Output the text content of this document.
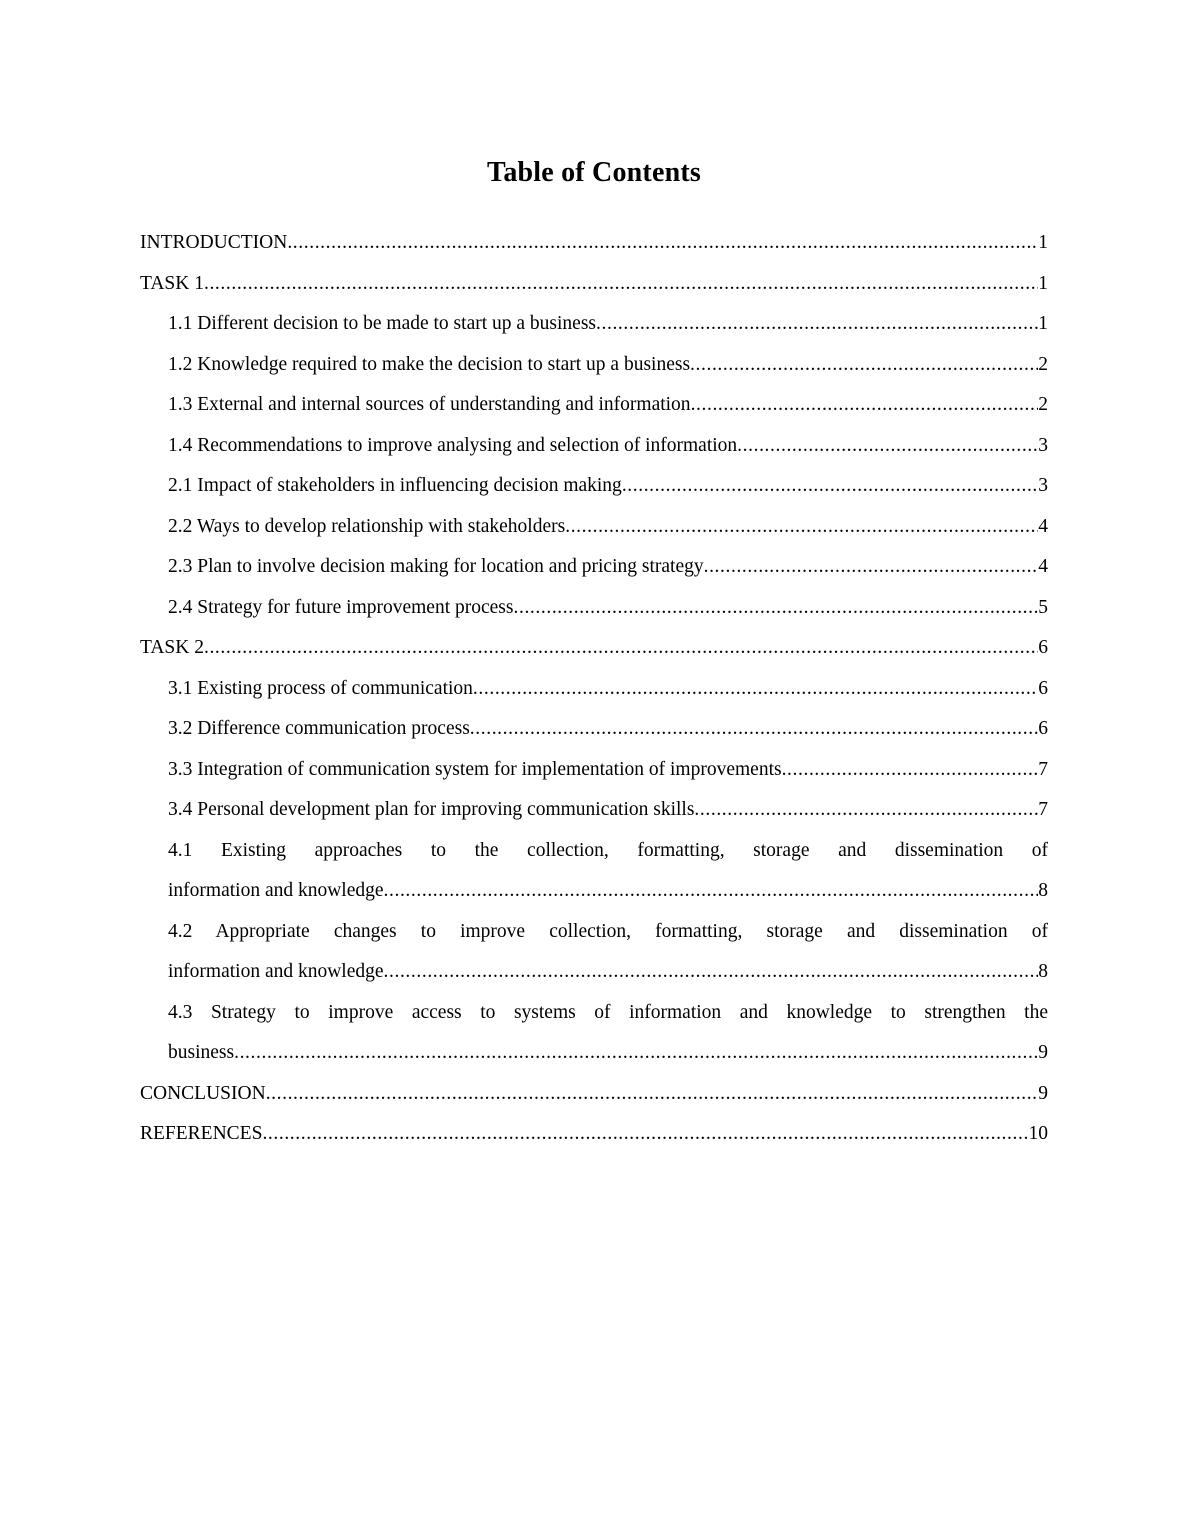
Table of Contents
INTRODUCTION .....	1
TASK 1 .....	1
1.1 Different decision to be made to start up a business .....	1
1.2 Knowledge required to make the decision to start up a business .....	2
1.3 External and internal sources of understanding and information .....	2
1.4 Recommendations to improve analysing and selection of information .....	3
2.1 Impact of stakeholders in influencing decision making .....	3
2.2 Ways to develop relationship with stakeholders .....	4
2.3 Plan to involve decision making for location and pricing strategy .....	4
2.4 Strategy for future improvement process .....	5
TASK 2 .....	6
3.1 Existing process of communication .....	6
3.2 Difference communication process .....	6
3.3 Integration of communication system for implementation of improvements .....	7
3.4 Personal development plan for improving communication skills .....	7
4.1 Existing approaches to the collection, formatting, storage and dissemination of
information and knowledge .....	8
4.2 Appropriate changes to improve collection, formatting, storage and dissemination of
information and knowledge .....	8
4.3 Strategy to improve access to systems of information and knowledge to strengthen the
business .....	9
CONCLUSION .....	9
REFERENCES .....	10
